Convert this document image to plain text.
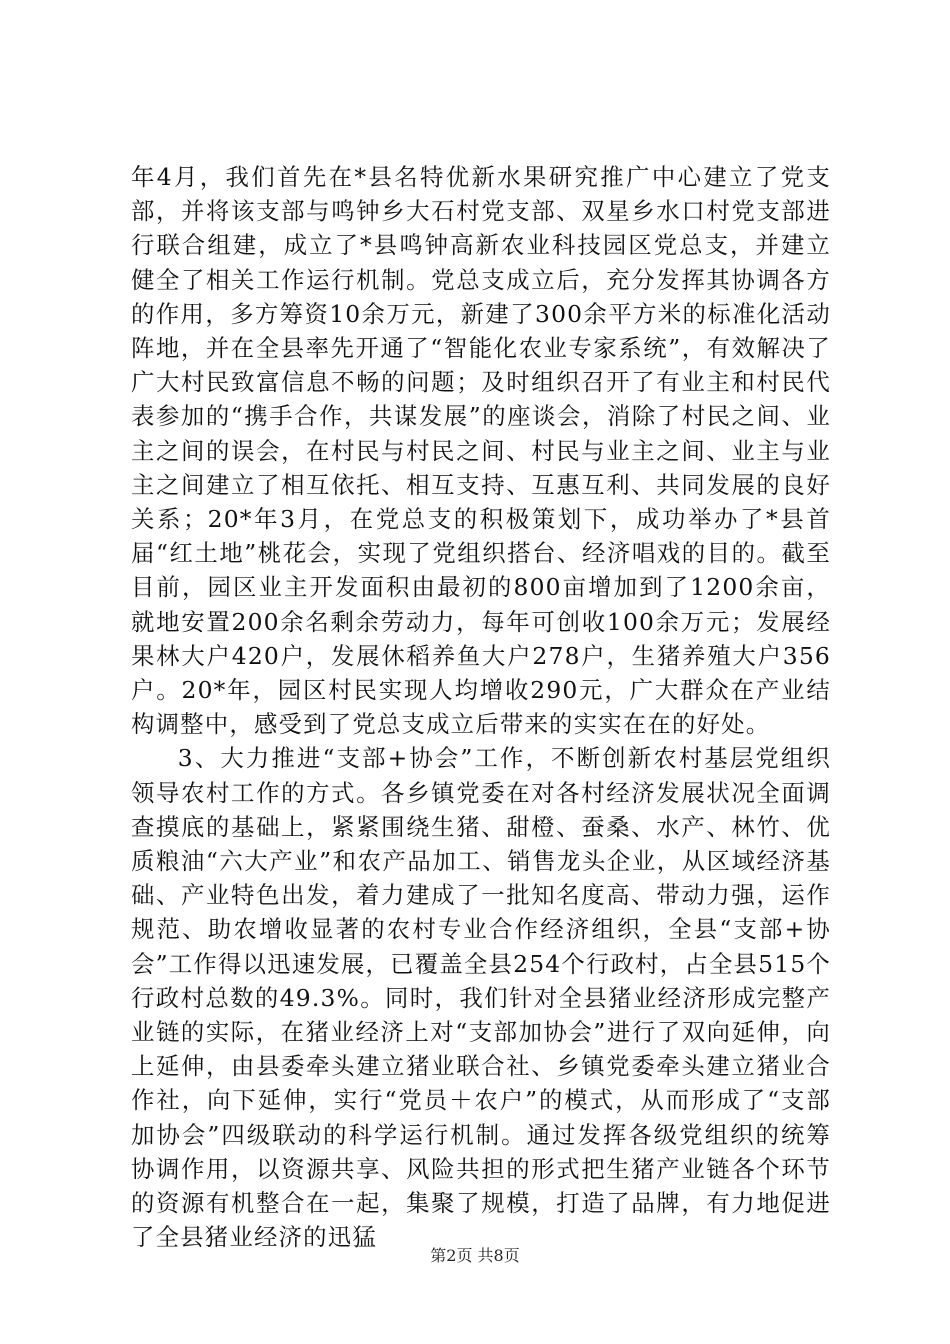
年4月，我们首先在*县名特优新水果研究推广中心建立了党支部，并将该支部与鸣钟乡大石村党支部、双星乡水口村党支部进行联合组建，成立了*县鸣钟高新农业科技园区党总支，并建立健全了相关工作运行机制。党总支成立后，充分发挥其协调各方的作用，多方筹资10余万元，新建了300余平方米的标准化活动阵地，并在全县率先开通了“智能化农业专家系统”，有效解决了广大村民致富信息不畅的问题；及时组织召开了有业主和村民代表参加的“携手合作，共谋发展”的座谈会，消除了村民之间、业主之间的误会，在村民与村民之间、村民与业主之间、业主与业主之间建立了相互依托、相互支持、互惠互利、共同发展的良好关系；20*年3月，在党总支的积极策划下，成功举办了*县首届“红土地”桃花会，实现了党组织搭台、经济唱戏的目的。截至目前，园区业主开发面积由最初的800亩增加到了1200余亩，就地安置200余名剩余劳动力，每年可创收100余万元；发展经果林大户420户，发展休稻养鱼大户278户，生猪养殖大户356户。20*年，园区村民实现人均增收290元，广大群众在产业结构调整中，感受到了党总支成立后带来的实实在在的好处。

3、大力推进“支部+协会”工作，不断创新农村基层党组织领导农村工作的方式。各乡镇党委在对各村经济发展状况全面调查摸底的基础上，紧紧围绕生猪、甜橙、蚕桑、水产、林竹、优质粮油“六大产业”和农产品加工、销售龙头企业，从区域经济基础、产业特色出发，着力建成了一批知名度高、带动力强，运作规范、助农增收显著的农村专业合作经济组织，全县“支部+协会”工作得以迅速发展，已覆盖全县254个行政村，占全县515个行政村总数的49.3%。同时，我们针对全县猪业经济形成完整产业链的实际，在猪业经济上对“支部加协会”进行了双向延伸，向上延伸，由县委牵头建立猪业联合社、乡镇党委牵头建立猪业合作社，向下延伸，实行“党员＋农户”的模式，从而形成了“支部加协会”四级联动的科学运行机制。通过发挥各级党组织的统筹协调作用，以资源共享、风险共担的形式把生猪产业链各个环节的资源有机整合在一起，集聚了规模，打造了品牌，有力地促进了全县猪业经济的迅猛

第2页 共8页
